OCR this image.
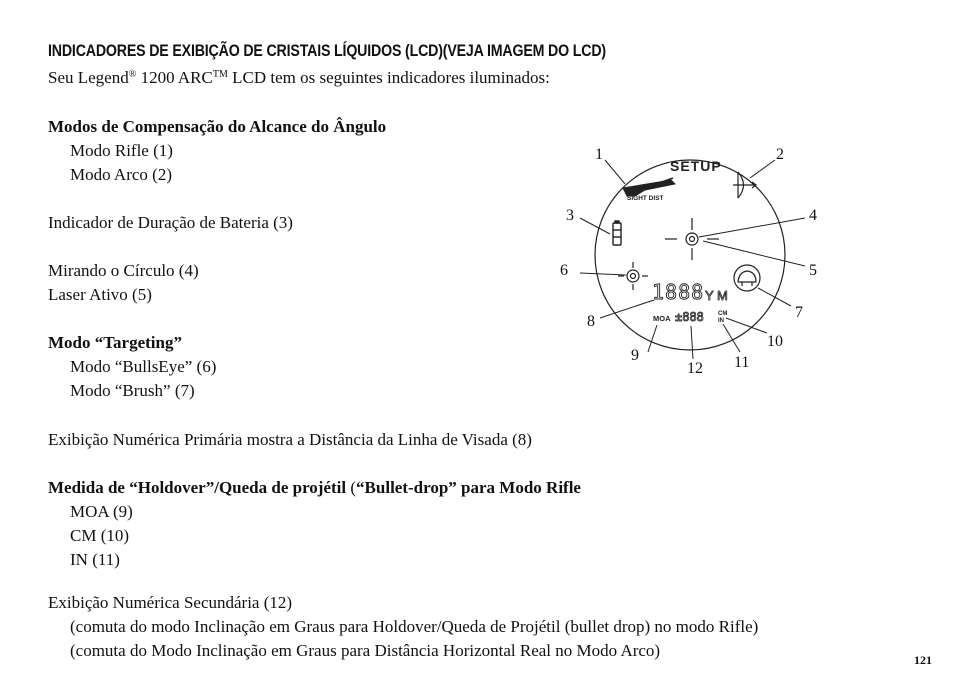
INDICADORES DE EXIBIÇÃO DE CRISTAIS LÍQUIDOS (LCD)(VEJA IMAGEM DO LCD)
Seu Legend® 1200 ARC™ LCD tem os seguintes indicadores iluminados:
Modos de Compensação do Alcance do Ângulo
Modo Rifle (1)
Modo Arco (2)
Indicador de Duração de Bateria (3)
Mirando o Círculo (4)
Laser Ativo (5)
Modo “Targeting”
Modo “BullsEye” (6)
Modo “Brush” (7)
Exibição Numérica Primária mostra a Distância da Linha de Visada (8)
Medida de “Holdover”/Queda de projétil (“Bullet-drop” para Modo Rifle
MOA (9)
CM (10)
IN (11)
Exibição Numérica Secundária (12)
(comuta do modo Inclinação em Graus para Holdover/Queda de Projétil (bullet drop) no modo Rifle)
(comuta do Modo Inclinação em Graus para Distância Horizontal Real no Modo Arco)	121
SETUP
SIGHT DIST
1888 Y M
MOA ±888 CM
IN
1	2
3	4
5
6
7
8
9
10
11
12
